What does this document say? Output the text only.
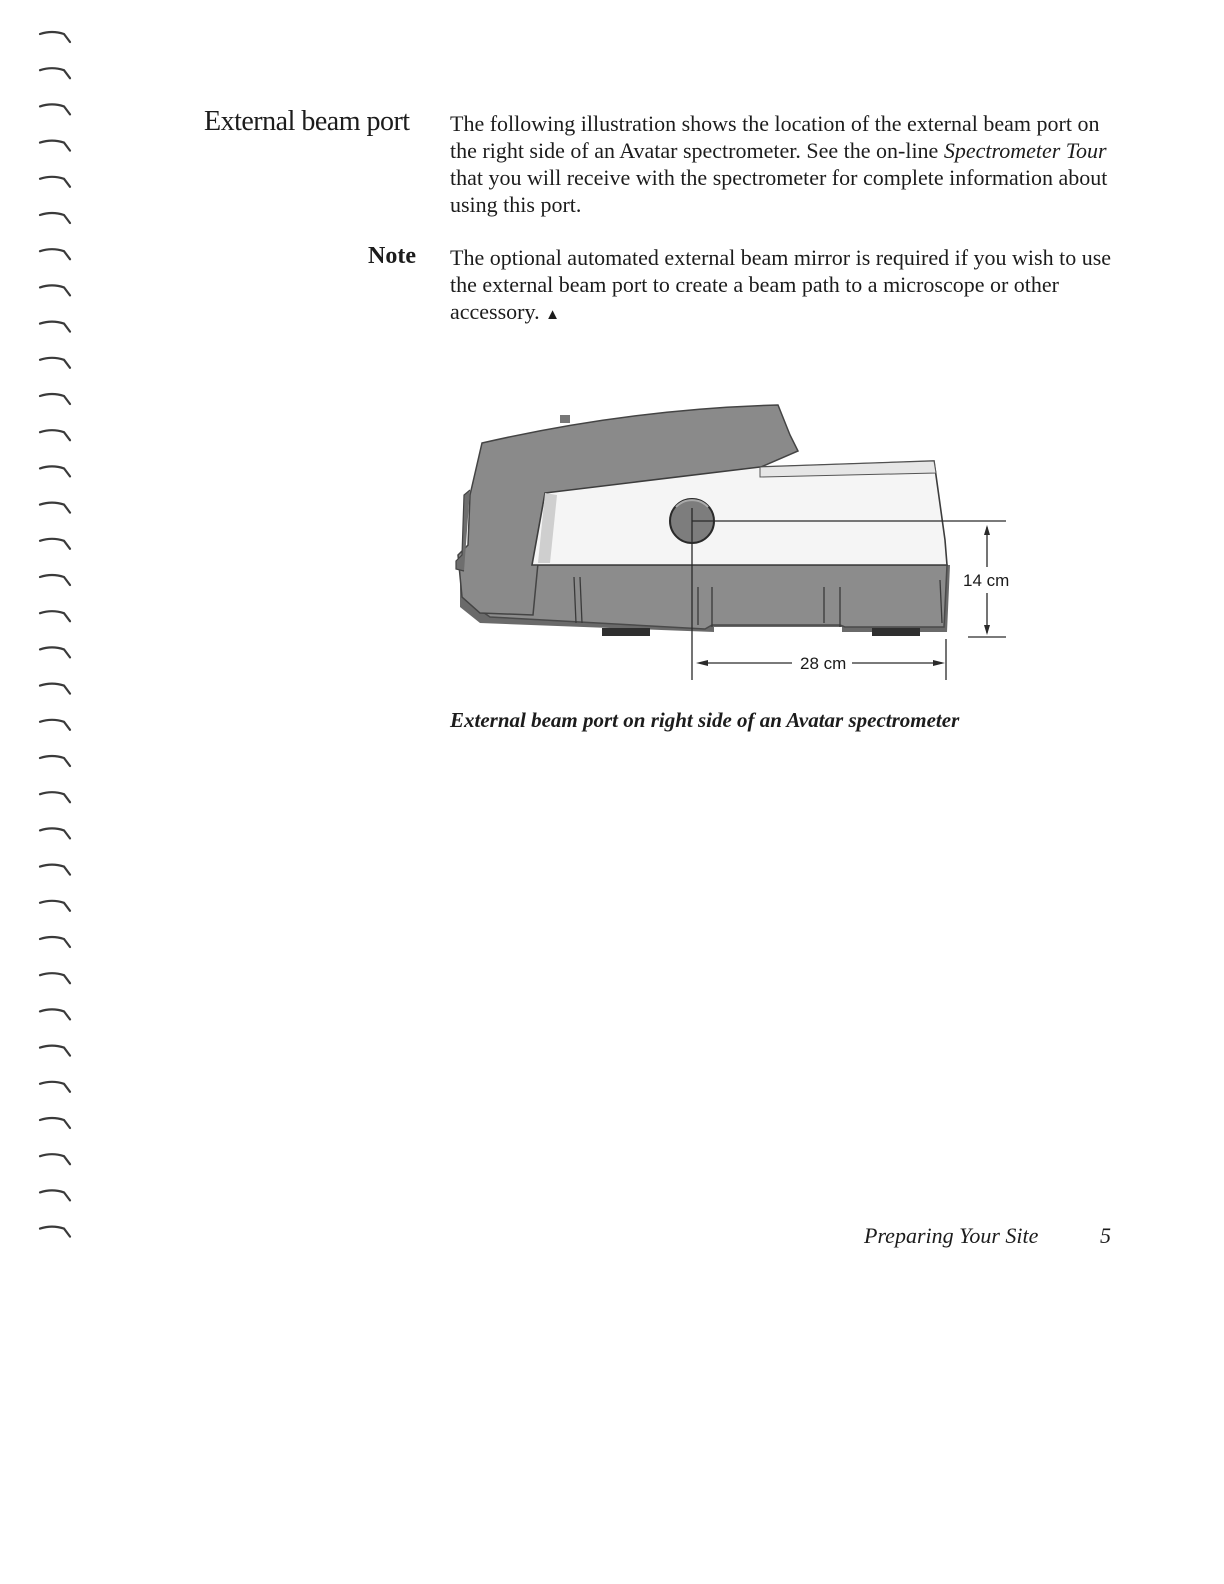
External beam port The following illustration shows the location of the external beam port on the right side of an Avatar spectrometer. See the on-line Spectrometer Tour that you will receive with the spectrometer for complete information about using this port.

Note The optional automated external beam mirror is required if you wish to use the external beam port to create a beam path to a microscope or other accessory. ▲

14 cm
28 cm

External beam port on right side of an Avatar spectrometer

Preparing Your Site	5
